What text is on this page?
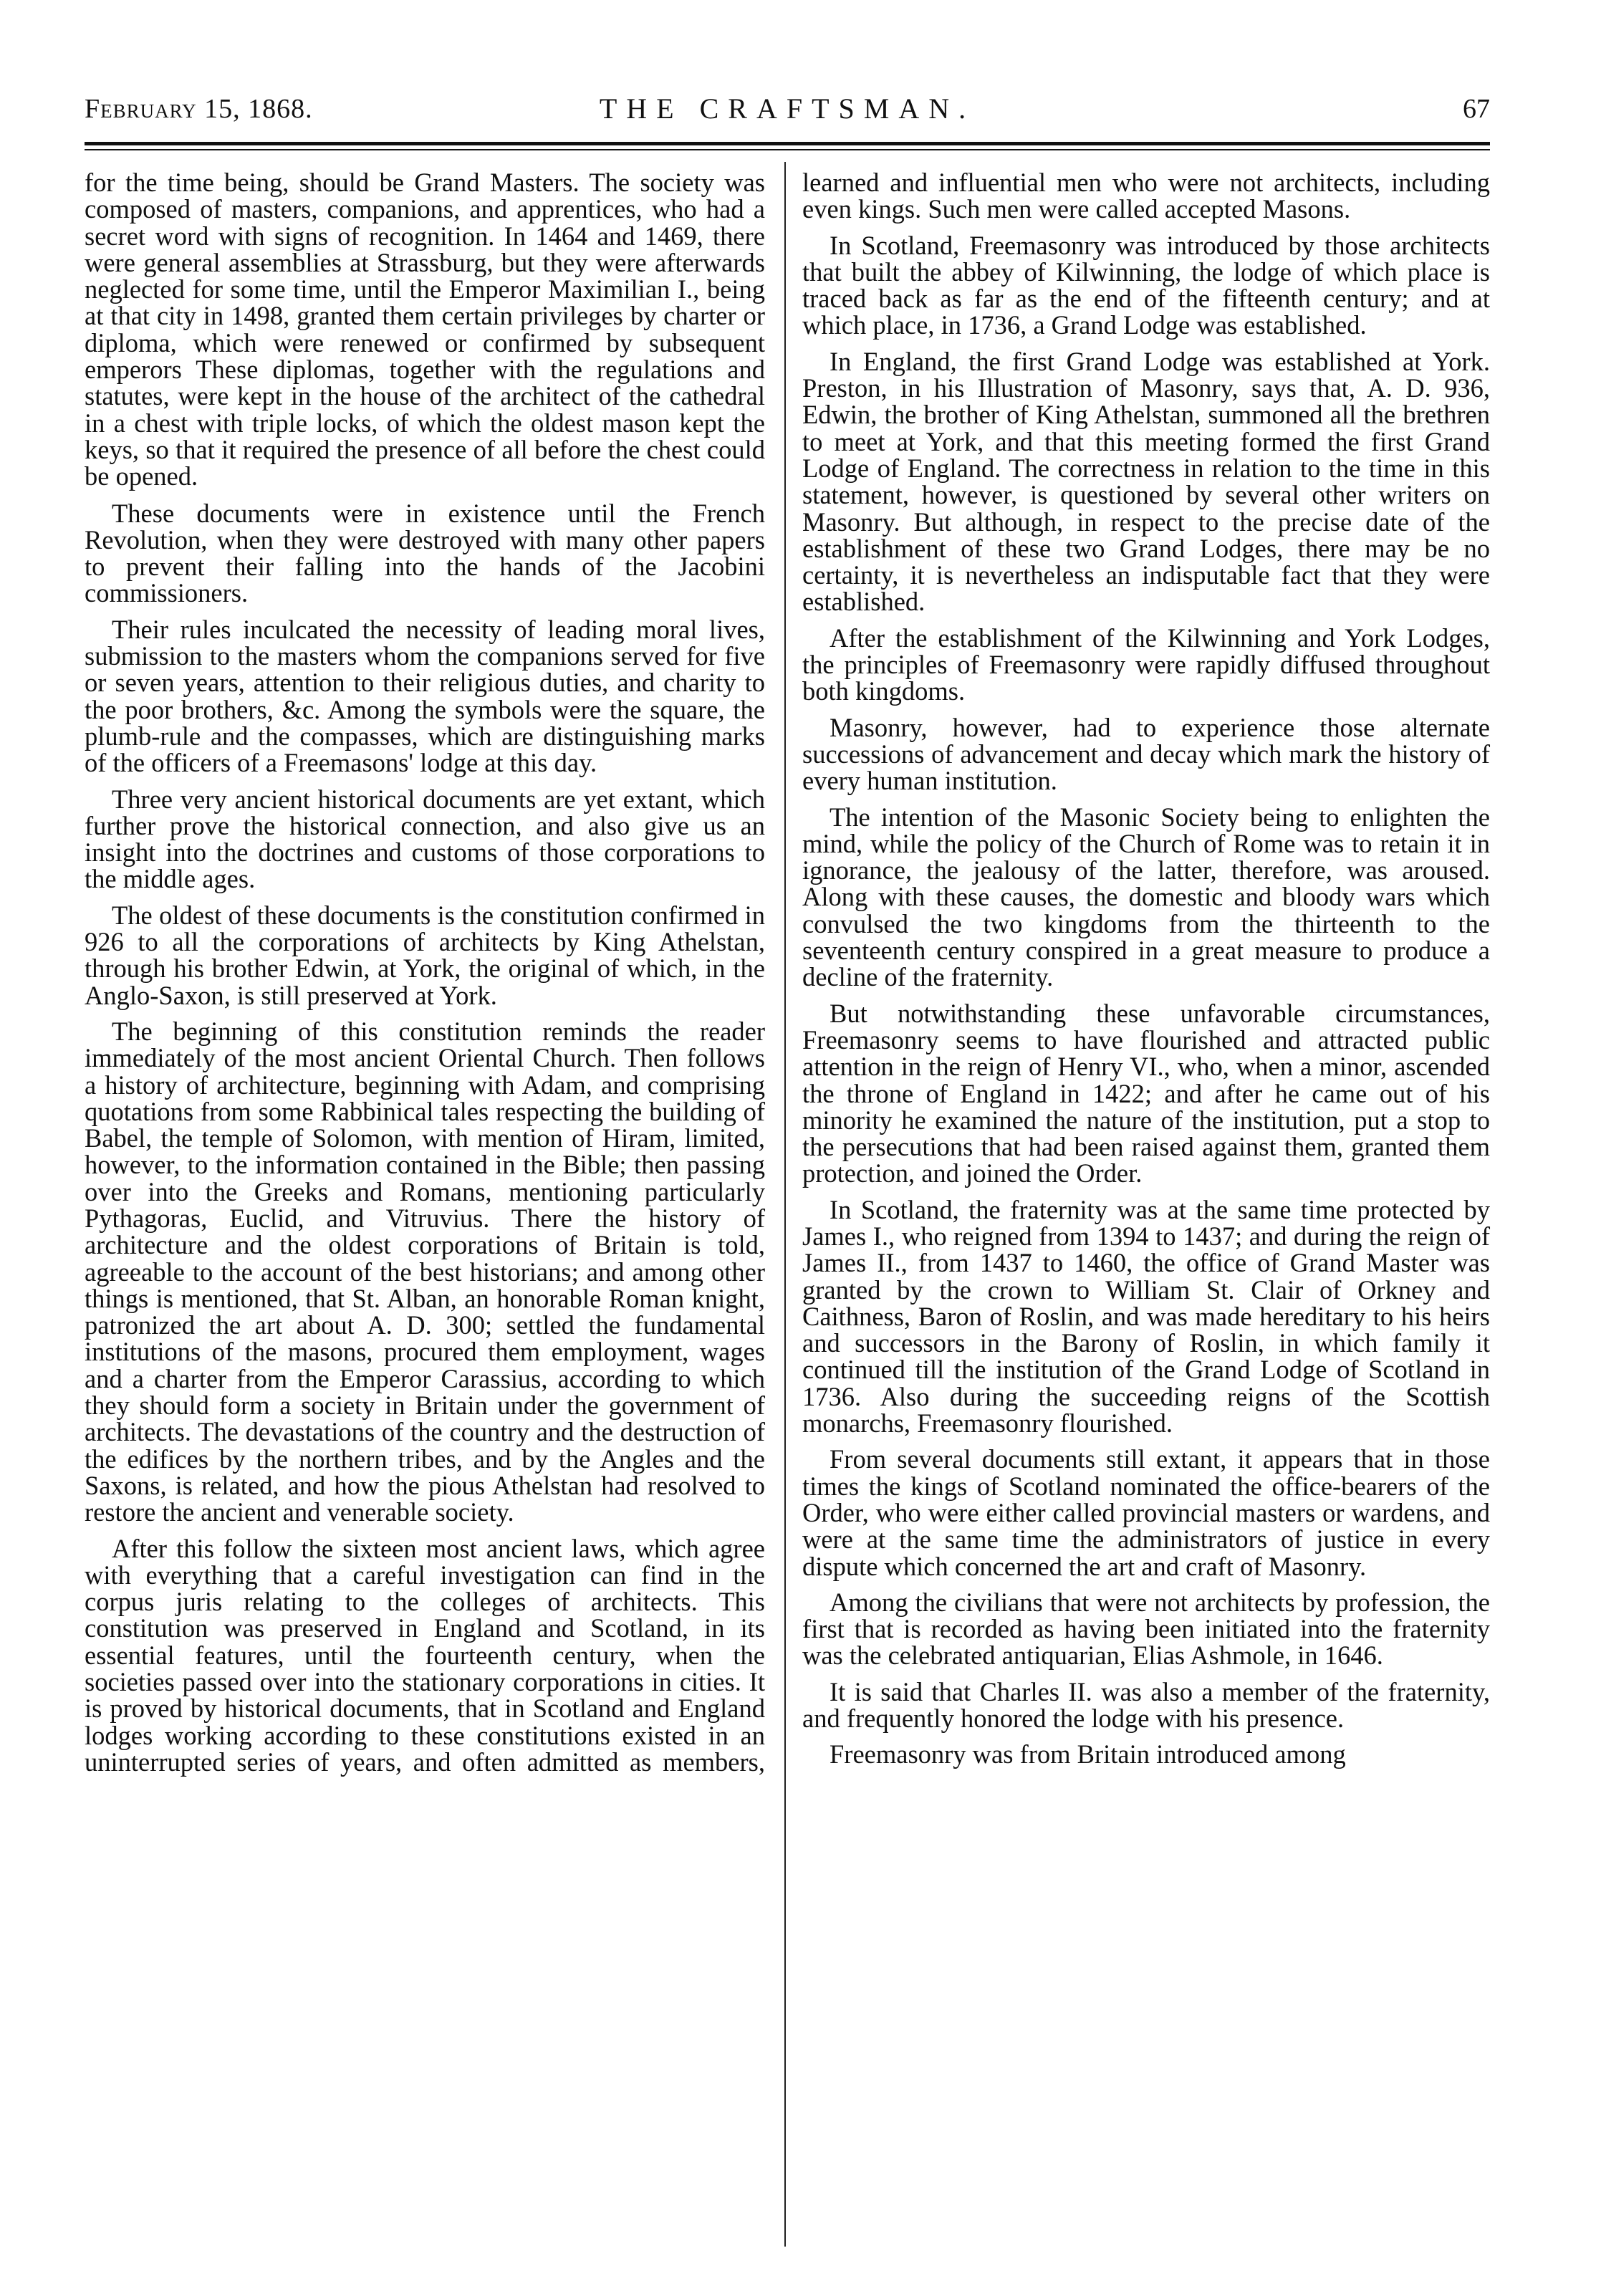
February 15, 1868.	THE CRAFTSMAN.	67

for the time being, should be Grand Masters. The society was composed of masters, companions, and apprentices, who had a secret word with signs of recognition. In 1464 and 1469, there were general assemblies at Strassburg, but they were afterwards neglected for some time, until the Emperor Maximilian I., being at that city in 1498, granted them certain privileges by charter or diploma, which were renewed or confirmed by subsequent emperors These diplomas, together with the regulations and statutes, were kept in the house of the architect of the cathedral in a chest with triple locks, of which the oldest mason kept the keys, so that it required the presence of all before the chest could be opened.

These documents were in existence until the French Revolution, when they were destroyed with many other papers to prevent their falling into the hands of the Jacobini commissioners.

Their rules inculcated the necessity of leading moral lives, submission to the masters whom the companions served for five or seven years, attention to their religious duties, and charity to the poor brothers, &c. Among the symbols were the square, the plumb-rule and the compasses, which are distinguishing marks of the officers of a Freemasons' lodge at this day.

Three very ancient historical documents are yet extant, which further prove the historical connection, and also give us an insight into the doctrines and customs of those corporations to the middle ages.

The oldest of these documents is the constitution confirmed in 926 to all the corporations of architects by King Athelstan, through his brother Edwin, at York, the original of which, in the Anglo-Saxon, is still preserved at York.

The beginning of this constitution reminds the reader immediately of the most ancient Oriental Church. Then follows a history of architecture, beginning with Adam, and comprising quotations from some Rabbinical tales respecting the building of Babel, the temple of Solomon, with mention of Hiram, limited, however, to the information contained in the Bible; then passing over into the Greeks and Romans, mentioning particularly Pythagoras, Euclid, and Vitruvius. There the history of architecture and the oldest corporations of Britain is told, agreeable to the account of the best historians; and among other things is mentioned, that St. Alban, an honorable Roman knight, patronized the art about A. D. 300; settled the fundamental institutions of the masons, procured them employment, wages and a charter from the Emperor Carassius, according to which they should form a society in Britain under the government of architects. The devastations of the country and the destruction of the edifices by the northern tribes, and by the Angles and the Saxons, is related, and how the pious Athelstan had resolved to restore the ancient and venerable society.

After this follow the sixteen most ancient laws, which agree with everything that a careful investigation can find in the corpus juris relating to the colleges of architects. This constitution was preserved in England and Scotland, in its essential features, until the fourteenth century, when the societies passed over into the stationary corporations in cities. It is proved by historical documents, that in Scotland and England lodges working according to these constitutions existed in an uninterrupted series of years, and often admitted as members,

learned and influential men who were not architects, including even kings. Such men were called accepted Masons.

In Scotland, Freemasonry was introduced by those architects that built the abbey of Kilwinning, the lodge of which place is traced back as far as the end of the fifteenth century; and at which place, in 1736, a Grand Lodge was established.

In England, the first Grand Lodge was established at York. Preston, in his Illustration of Masonry, says that, A. D. 936, Edwin, the brother of King Athelstan, summoned all the brethren to meet at York, and that this meeting formed the first Grand Lodge of England. The correctness in relation to the time in this statement, however, is questioned by several other writers on Masonry. But although, in respect to the precise date of the establishment of these two Grand Lodges, there may be no certainty, it is nevertheless an indisputable fact that they were established.

After the establishment of the Kilwinning and York Lodges, the principles of Freemasonry were rapidly diffused throughout both kingdoms.

Masonry, however, had to experience those alternate successions of advancement and decay which mark the history of every human institution.

The intention of the Masonic Society being to enlighten the mind, while the policy of the Church of Rome was to retain it in ignorance, the jealousy of the latter, therefore, was aroused. Along with these causes, the domestic and bloody wars which convulsed the two kingdoms from the thirteenth to the seventeenth century conspired in a great measure to produce a decline of the fraternity.

But notwithstanding these unfavorable circumstances, Freemasonry seems to have flourished and attracted public attention in the reign of Henry VI., who, when a minor, ascended the throne of England in 1422; and after he came out of his minority he examined the nature of the institution, put a stop to the persecutions that had been raised against them, granted them protection, and joined the Order.

In Scotland, the fraternity was at the same time protected by James I., who reigned from 1394 to 1437; and during the reign of James II., from 1437 to 1460, the office of Grand Master was granted by the crown to William St. Clair of Orkney and Caithness, Baron of Roslin, and was made hereditary to his heirs and successors in the Barony of Roslin, in which family it continued till the institution of the Grand Lodge of Scotland in 1736. Also during the succeeding reigns of the Scottish monarchs, Freemasonry flourished.

From several documents still extant, it appears that in those times the kings of Scotland nominated the office-bearers of the Order, who were either called provincial masters or wardens, and were at the same time the administrators of justice in every dispute which concerned the art and craft of Masonry.

Among the civilians that were not architects by profession, the first that is recorded as having been initiated into the fraternity was the celebrated antiquarian, Elias Ashmole, in 1646.

It is said that Charles II. was also a member of the fraternity, and frequently honored the lodge with his presence.

Freemasonry was from Britain introduced among
